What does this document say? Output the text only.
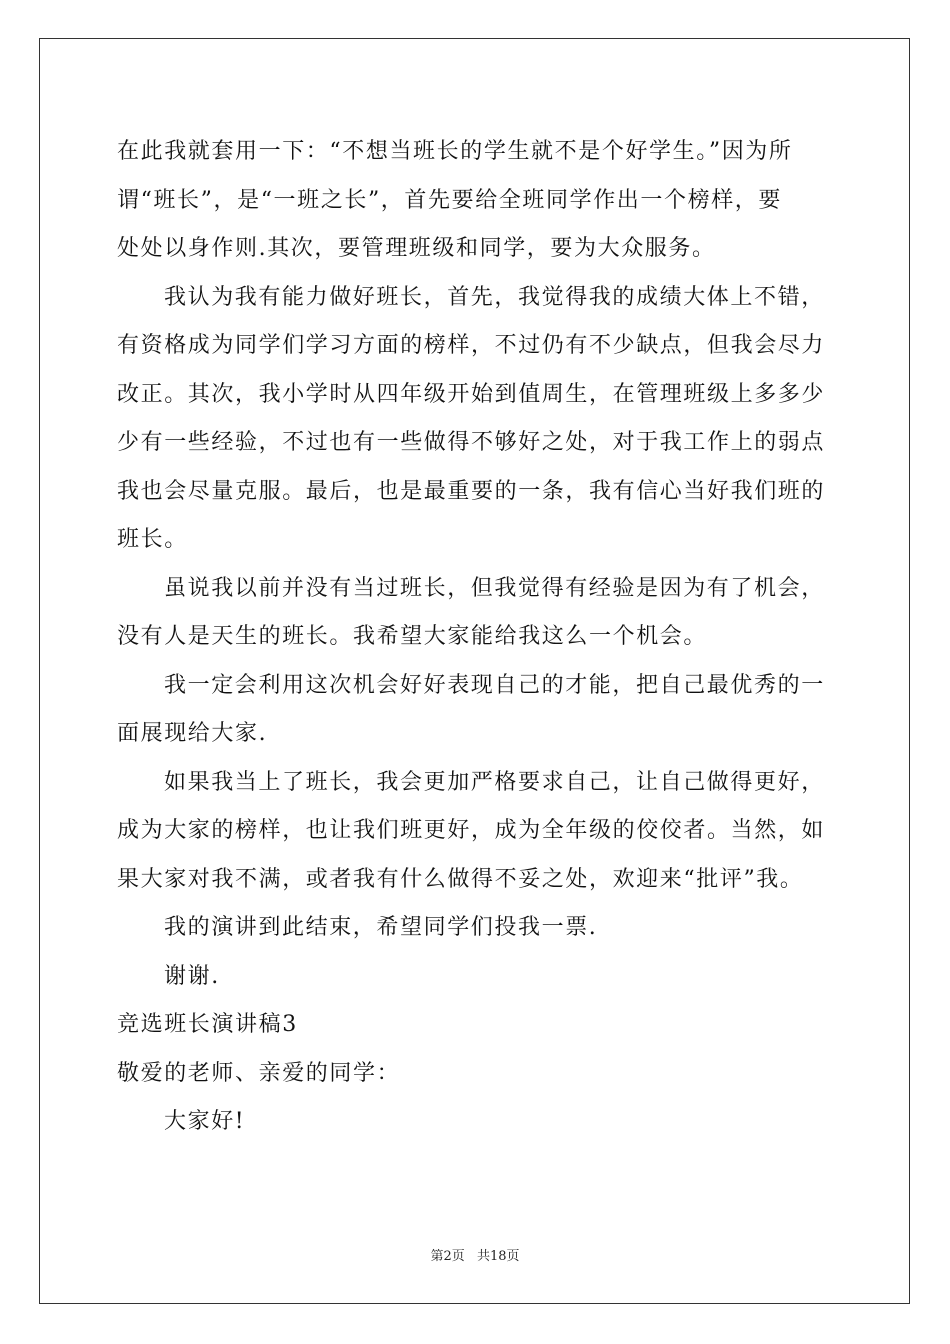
在此我就套用一下：“不想当班长的学生就不是个好学生。”因为所
谓“班长”，是“一班之长”，首先要给全班同学作出一个榜样，要
处处以身作则.其次，要管理班级和同学，要为大众服务。
我认为我有能力做好班长，首先，我觉得我的成绩大体上不错，
有资格成为同学们学习方面的榜样，不过仍有不少缺点，但我会尽力
改正。其次，我小学时从四年级开始到值周生，在管理班级上多多少
少有一些经验，不过也有一些做得不够好之处，对于我工作上的弱点
我也会尽量克服。最后，也是最重要的一条，我有信心当好我们班的
班长。
虽说我以前并没有当过班长，但我觉得有经验是因为有了机会，
没有人是天生的班长。我希望大家能给我这么一个机会。
我一定会利用这次机会好好表现自己的才能，把自己最优秀的一
面展现给大家.
如果我当上了班长，我会更加严格要求自己，让自己做得更好，
成为大家的榜样，也让我们班更好，成为全年级的佼佼者。当然，如
果大家对我不满，或者我有什么做得不妥之处，欢迎来“批评”我。
我的演讲到此结束，希望同学们投我一票.
谢谢.
竞选班长演讲稿3
敬爱的老师、亲爱的同学：
大家好!
第2页 共18页
